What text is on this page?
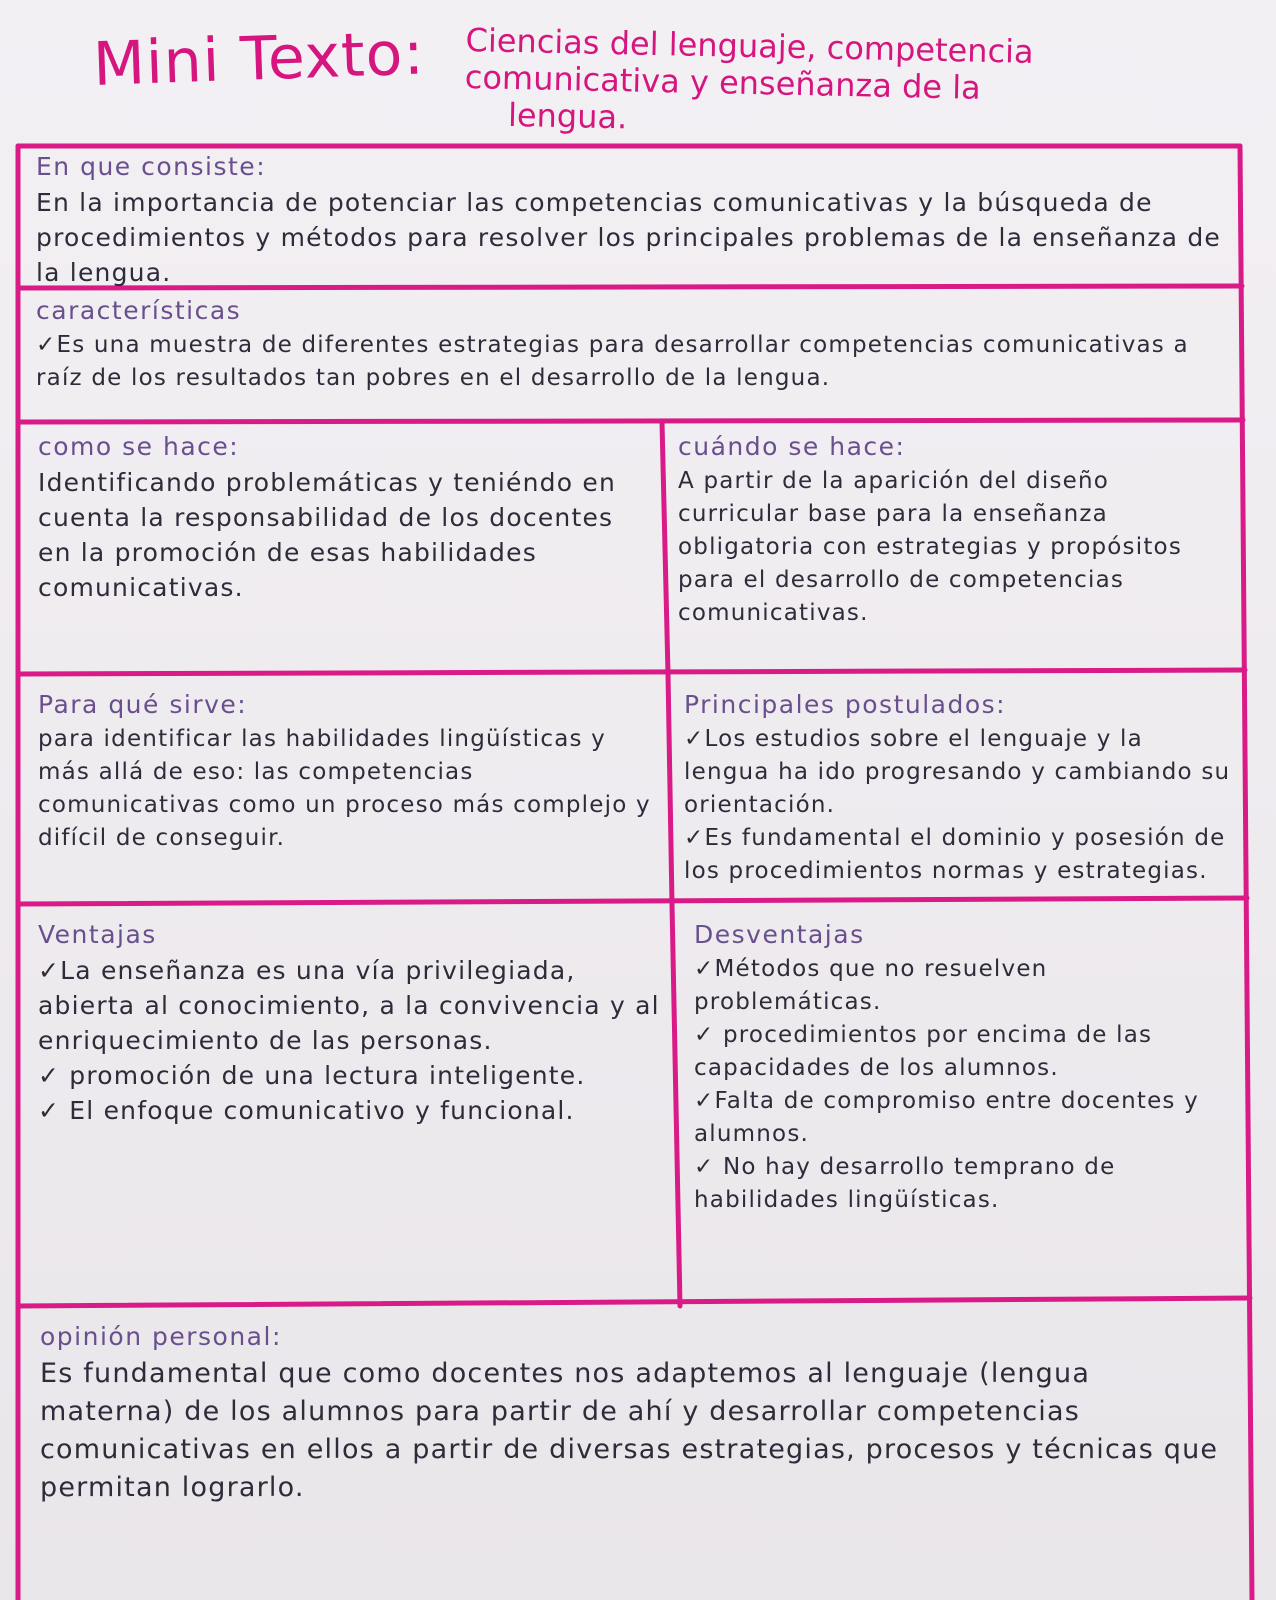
Mini Texto: Ciencias del lenguaje, competencia
comunicativa y enseñanza de la
lengua.
En que consiste:
En la importancia de potenciar las competencias comunicativas y la búsqueda de procedimientos y métodos para resolver los principales problemas de la enseñanza de la lengua.
características
✓Es una muestra de diferentes estrategias para desarrollar competencias comunicativas a raíz de los resultados tan pobres en el desarrollo de la lengua.
como se hace:
Identificando problemáticas y teniéndo en cuenta la responsabilidad de los docentes en la promoción de esas habilidades comunicativas.
cuándo se hace:
A partir de la aparición del diseño curricular base para la enseñanza obligatoria con estrategias y propósitos para el desarrollo de competencias comunicativas.
Para qué sirve:
para identificar las habilidades lingüísticas y más allá de eso: las competencias comunicativas como un proceso más complejo y difícil de conseguir.
Principales postulados:

✓Los estudios sobre el lenguaje y la lengua ha ido progresando y cambiando su orientación.

✓Es fundamental el dominio y posesión de los procedimientos normas y estrategias.

Ventajas

✓La enseñanza es una vía privilegiada, abierta al conocimiento, a la convivencia y al enriquecimiento de las personas.

✓ promoción de una lectura inteligente.

✓ El enfoque comunicativo y funcional.

Desventajas

✓Métodos que no resuelven problemáticas.

✓ procedimientos por encima de las capacidades de los alumnos.

✓Falta de compromiso entre docentes y alumnos.

✓ No hay desarrollo temprano de habilidades lingüísticas.

opinión personal:
Es fundamental que como docentes nos adaptemos al lenguaje (lengua materna) de los alumnos para partir de ahí y desarrollar competencias comunicativas en ellos a partir de diversas estrategias, procesos y técnicas que permitan lograrlo.
